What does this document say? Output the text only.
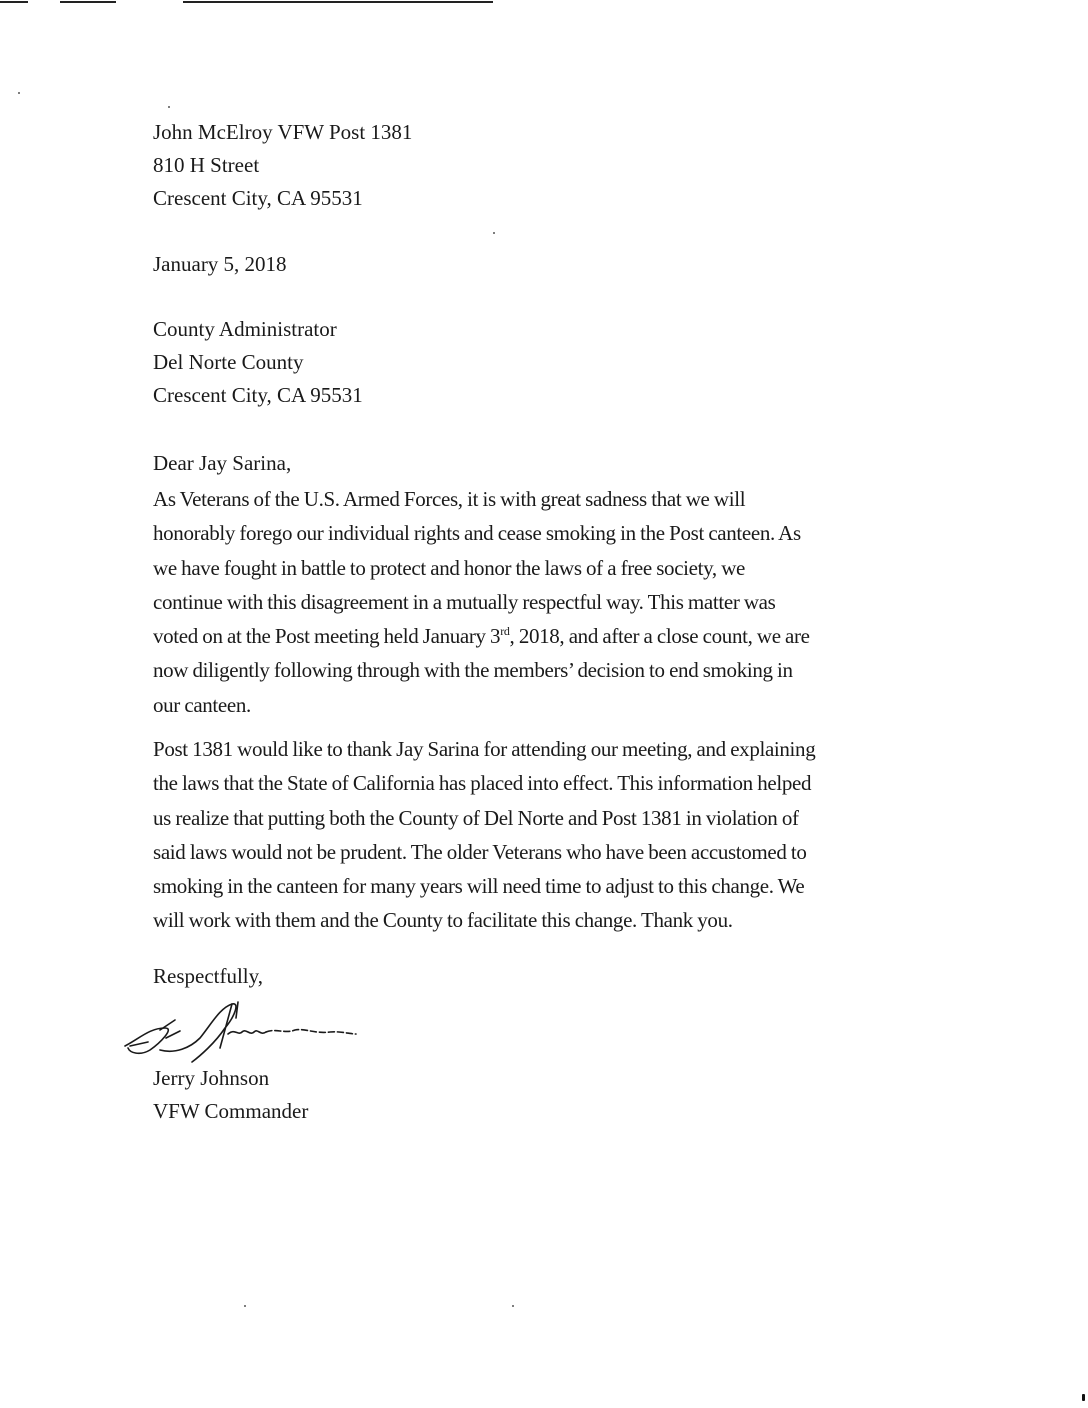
John McElroy VFW Post 1381
810 H Street
Crescent City, CA 95531
January 5, 2018
County Administrator
Del Norte County
Crescent City, CA 95531
Dear Jay Sarina,
As Veterans of the U.S. Armed Forces, it is with great sadness that we will
honorably forego our individual rights and cease smoking in the Post canteen. As
we have fought in battle to protect and honor the laws of a free society, we
continue with this disagreement in a mutually respectful way. This matter was
voted on at the Post meeting held January 3rd, 2018, and after a close count, we are
now diligently following through with the members’ decision to end smoking in
our canteen.
Post 1381 would like to thank Jay Sarina for attending our meeting, and explaining
the laws that the State of California has placed into effect. This information helped
us realize that putting both the County of Del Norte and Post 1381 in violation of
said laws would not be prudent. The older Veterans who have been accustomed to
smoking in the canteen for many years will need time to adjust to this change. We
will work with them and the County to facilitate this change. Thank you.
Respectfully,
Jerry Johnson
VFW Commander
